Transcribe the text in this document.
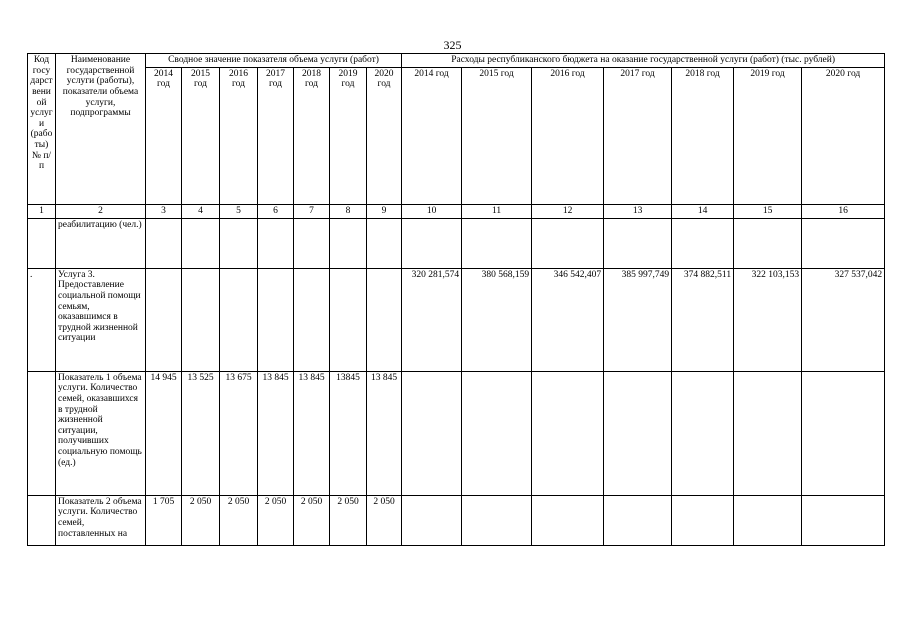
325
Код госу дарст вени ой услуг и (рабо ты) № п/п	Наименование государственной услуги (работы), показатели объема услуги, подпрограммы	Сводное значение показателя объема услуги (работ)							Расходы республиканского бюджета на оказание государственной услуги (работ) (тыс. рублей)						
		2014 год	2015 год	2016 год	2017 год	2018 год	2019 год	2020 год	2014 год	2015 год	2016 год	2017 год	2018 год	2019 год	2020 год
1	2	3	4	5	6	7	8	9	10	11	12	13	14	15	16
	реабилитацию (чел.)														
.	Услуга 3. Предоставление социальной помощи семьям, оказавшимся в трудной жизненной ситуации								320 281,574	380 568,159	346 542,407	385 997,749	374 882,511	322 103,153	327 537,042
	Показатель 1 объема услуги. Количество семей, оказавшихся в трудной жизненной ситуации, получивших социальную помощь (ед.)	14 945	13 525	13 675	13 845	13 845	13845	13 845							
	Показатель 2 объема услуги. Количество семей, поставленных на	1 705	2 050	2 050	2 050	2 050	2 050	2 050							
